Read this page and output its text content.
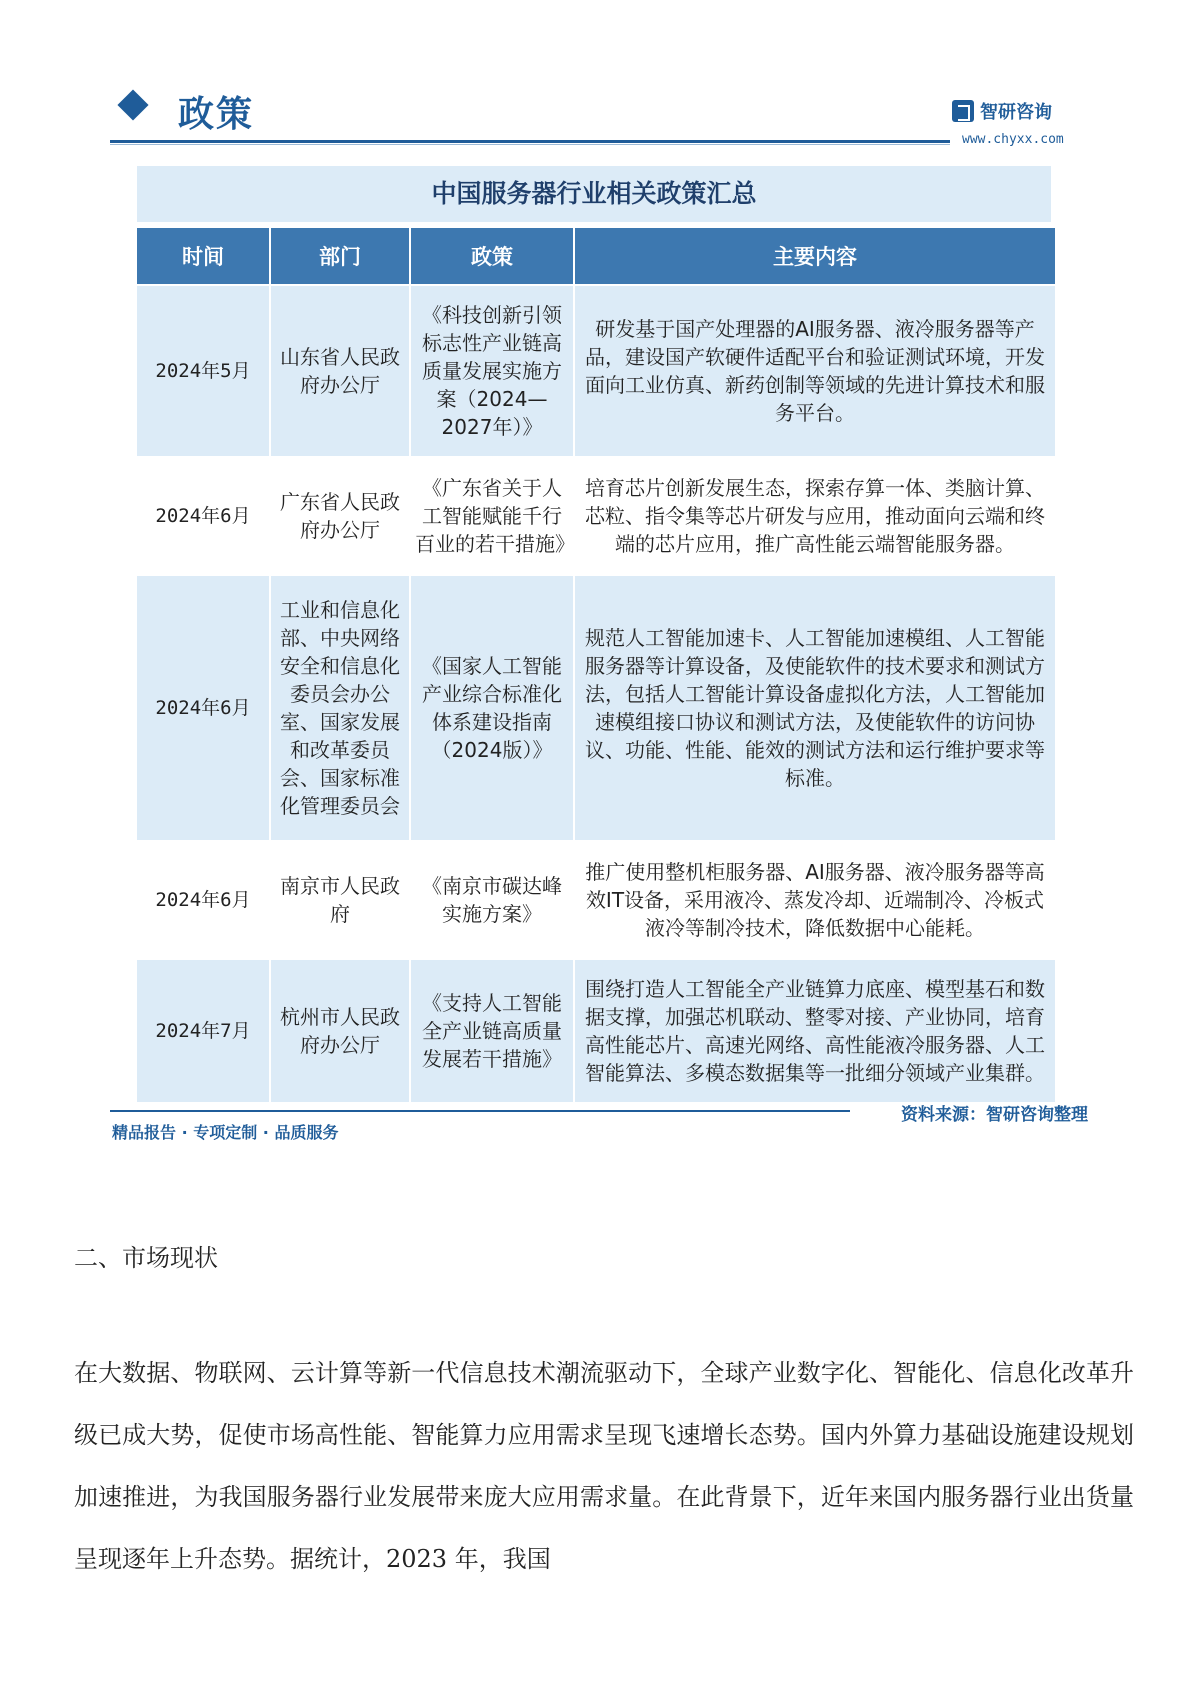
政策	智研咨询
www.chyxx.com
中国服务器行业相关政策汇总
时间	部门	政策	主要内容
2024年5月	山东省人民政府办公厅	《科技创新引领标志性产业链高质量发展实施方案（2024—2027年）》	研发基于国产处理器的AI服务器、液冷服务器等产品，建设国产软硬件适配平台和验证测试环境，开发面向工业仿真、新药创制等领域的先进计算技术和服务平台。
2024年6月	广东省人民政府办公厅	《广东省关于人工智能赋能千行百业的若干措施》	培育芯片创新发展生态，探索存算一体、类脑计算、芯粒、指令集等芯片研发与应用，推动面向云端和终端的芯片应用，推广高性能云端智能服务器。
2024年6月	工业和信息化部、中央网络安全和信息化委员会办公室、国家发展和改革委员会、国家标准化管理委员会	《国家人工智能产业综合标准化体系建设指南（2024版）》	规范人工智能加速卡、人工智能加速模组、人工智能服务器等计算设备，及使能软件的技术要求和测试方法，包括人工智能计算设备虚拟化方法，人工智能加速模组接口协议和测试方法，及使能软件的访问协议、功能、性能、能效的测试方法和运行维护要求等标准。
2024年6月	南京市人民政府	《南京市碳达峰实施方案》	推广使用整机柜服务器、AI服务器、液冷服务器等高效IT设备，采用液冷、蒸发冷却、近端制冷、冷板式液冷等制冷技术，降低数据中心能耗。
2024年7月	杭州市人民政府办公厅	《支持人工智能全产业链高质量发展若干措施》	围绕打造人工智能全产业链算力底座、模型基石和数据支撑，加强芯机联动、整零对接、产业协同，培育高性能芯片、高速光网络、高性能液冷服务器、人工智能算法、多模态数据集等一批细分领域产业集群。
精品报告 · 专项定制 · 品质服务
资料来源：智研咨询整理
二、市场现状

在大数据、物联网、云计算等新一代信息技术潮流驱动下，全球产业数字化、智能化、信息化改革升级已成大势，促使市场高性能、智能算力应用需求呈现飞速增长态势。国内外算力基础设施建设规划加速推进，为我国服务器行业发展带来庞大应用需求量。在此背景下，近年来国内服务器行业出货量呈现逐年上升态势。据统计，2023 年，我国
